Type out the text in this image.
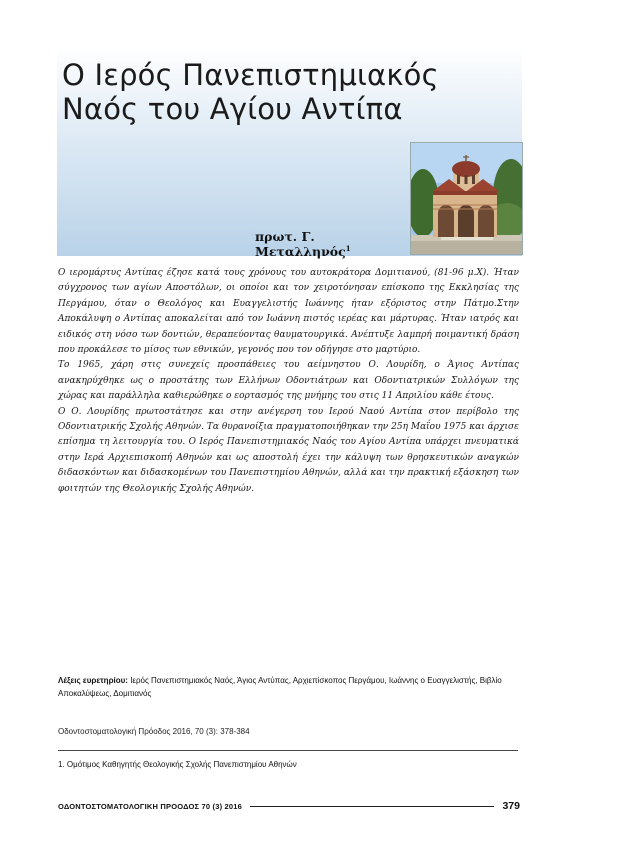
Ο Ιερός Πανεπιστημιακός Ναός του Αγίου Αντίπα
πρωτ. Γ. Μεταλληνός$^1$

Ο ιερομάρτυς Αντίπας έζησε κατά τους χρόνους του αυτοκράτορα Δομιτιανού, (81-96 μ.Χ). Ήταν σύγχρονος των αγίων Αποστόλων, οι οποίοι και τον χειροτόνησαν επίσκοπο της Εκκλησίας της Περγάμου, όταν ο Θεολόγος και Ευαγγελιστής Ιωάννης ήταν εξόριστος στην Πάτμο.Στην Αποκάλυψη ο Αντίπας αποκαλείται από τον Ιωάννη πιστός ιερέας και μάρτυρας. Ήταν ιατρός και ειδικός στη νόσο των δοντιών, θεραπεύοντας θαυματουργικά. Ανέπτυξε λαμπρή ποιμαντική δράση που προκάλεσε το μίσος των εθνικών, γεγονός που τον οδήγησε στο μαρτύριο.

Το 1965, χάρη στις συνεχείς προσπάθειες του αείμνηστου Ο. Λουρίδη, ο Άγιος Αντίπας ανακηρύχθηκε ως ο προστάτης των Ελλήνων Οδοντιάτρων και Οδοντιατρικών Συλλόγων της χώρας και παράλληλα καθιερώθηκε ο εορτασμός της μνήμης του στις 11 Απριλίου κάθε έτους.

Ο Ο. Λουρίδης πρωτοστάτησε και στην ανέγερση του Ιερού Ναού Αντίπα στον περίβολο της Οδοντιατρικής Σχολής Αθηνών. Τα θυρανοίξια πραγματοποιήθηκαν την 25η Μαΐου 1975 και άρχισε επίσημα τη λειτουργία του. Ο Ιερός Πανεπιστημιακός Ναός του Αγίου Αντίπα υπάρχει πνευματικά στην Ιερά Αρχιεπισκοπή Αθηνών και ως αποστολή έχει την κάλυψη των θρησκευτικών αναγκών διδασκόντων και διδασκομένων του Πανεπιστημίου Αθηνών, αλλά και την πρακτική εξάσκηση των φοιτητών της Θεολογικής Σχολής Αθηνών.

Λέξεις ευρετηρίου: Ιερός Πανεπιστημιακός Ναός, Άγιος Αντύπας, Αρχιεπίσκοπος Περγάμου, Ιωάννης ο Ευαγγελιστής, Βιβλίο Αποκαλύψεως, Δομιτιανός
Οδοντοστοματολογική Πρόοδος 2016, 70 (3): 378-384
1. Ομότιμος Καθηγητής Θεολογικής Σχολής Πανεπιστημίου Αθηνών
ΟΔΟΝΤΟΣΤΟΜΑΤΟΛΟΓΙΚΗ ΠΡΟΟΔΟΣ 70 (3) 2016	379
